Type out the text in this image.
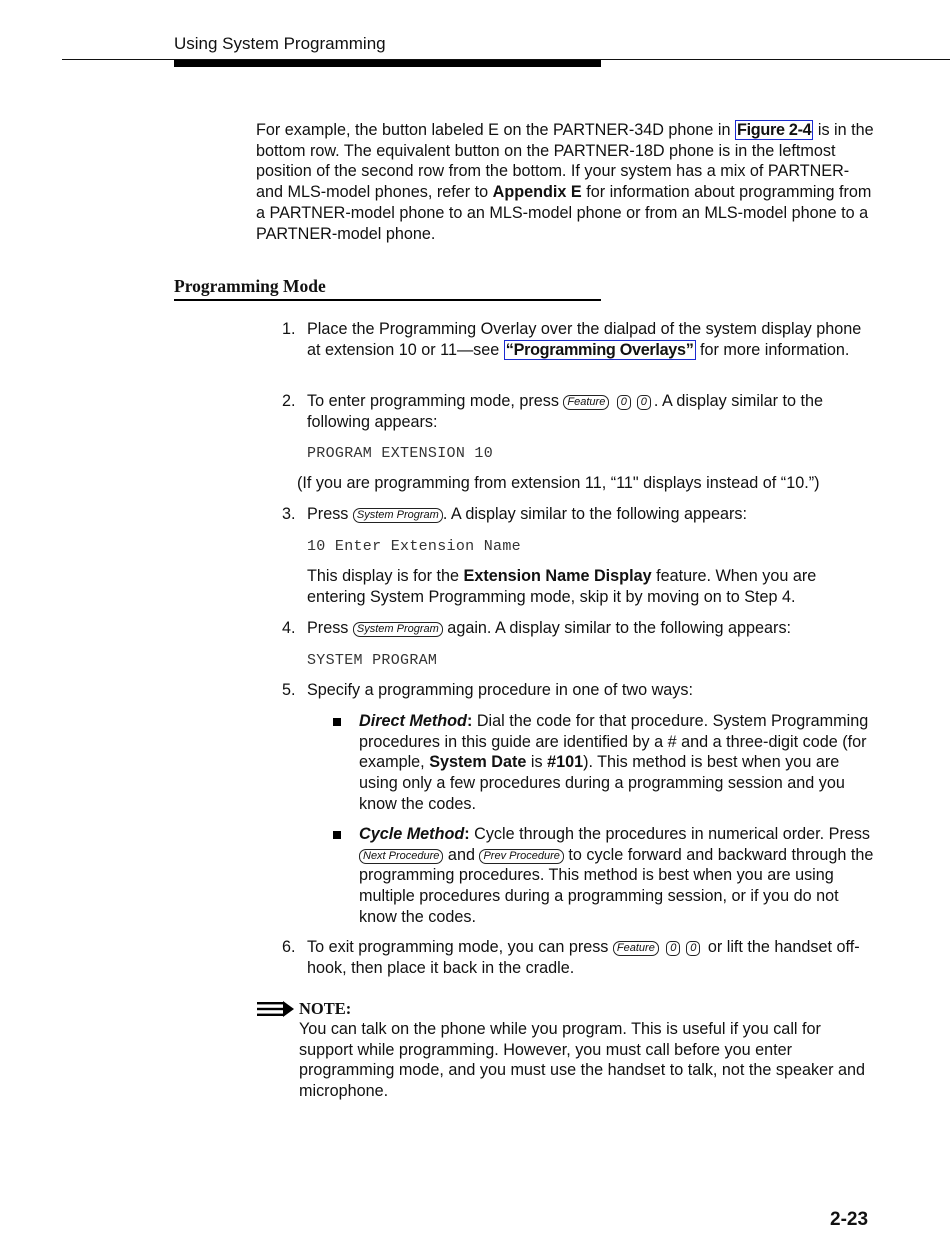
Using System Programming

For example, the button labeled E on the PARTNER-34D phone in Figure 2-4 is in the bottom row. The equivalent button on the PARTNER-18D phone is in the leftmost position of the second row from the bottom. If your system has a mix of PARTNER- and MLS-model phones, refer to Appendix E for information about programming from a PARTNER-model phone to an MLS-model phone or from an MLS-model phone to a PARTNER-model phone.

Programming Mode
1. Place the Programming Overlay over the dialpad of the system display phone at extension 10 or 11—see “Programming Overlays” for more information.

2. To enter programming mode, press Feature 0 0 . A display similar to the following appears:

PROGRAM EXTENSION 10
(If you are programming from extension 11, “11" displays instead of “10.”)
3. Press System Program . A display similar to the following appears:

10 Enter Extension Name

This display is for the Extension Name Display feature. When you are entering System Programming mode, skip it by moving on to Step 4.

4. Press System Program again. A display similar to the following appears:

SYSTEM PROGRAM
5. Specify a programming procedure in one of two ways:

Direct Method: Dial the code for that procedure. System Programming procedures in this guide are identified by a # and a three-digit code (for example, System Date is #101). This method is best when you are using only a few procedures during a programming session and you know the codes.

Cycle Method: Cycle through the procedures in numerical order. Press Next Procedure and Prev Procedure to cycle forward and backward through the programming procedures. This method is best when you are using multiple procedures during a programming session, or if you do not know the codes.

6. To exit programming mode, you can press Feature 0 0 or lift the handset off-hook, then place it back in the cradle.

NOTE:

You can talk on the phone while you program. This is useful if you call for support while programming. However, you must call before you enter programming mode, and you must use the handset to talk, not the speaker and microphone.

2-23
